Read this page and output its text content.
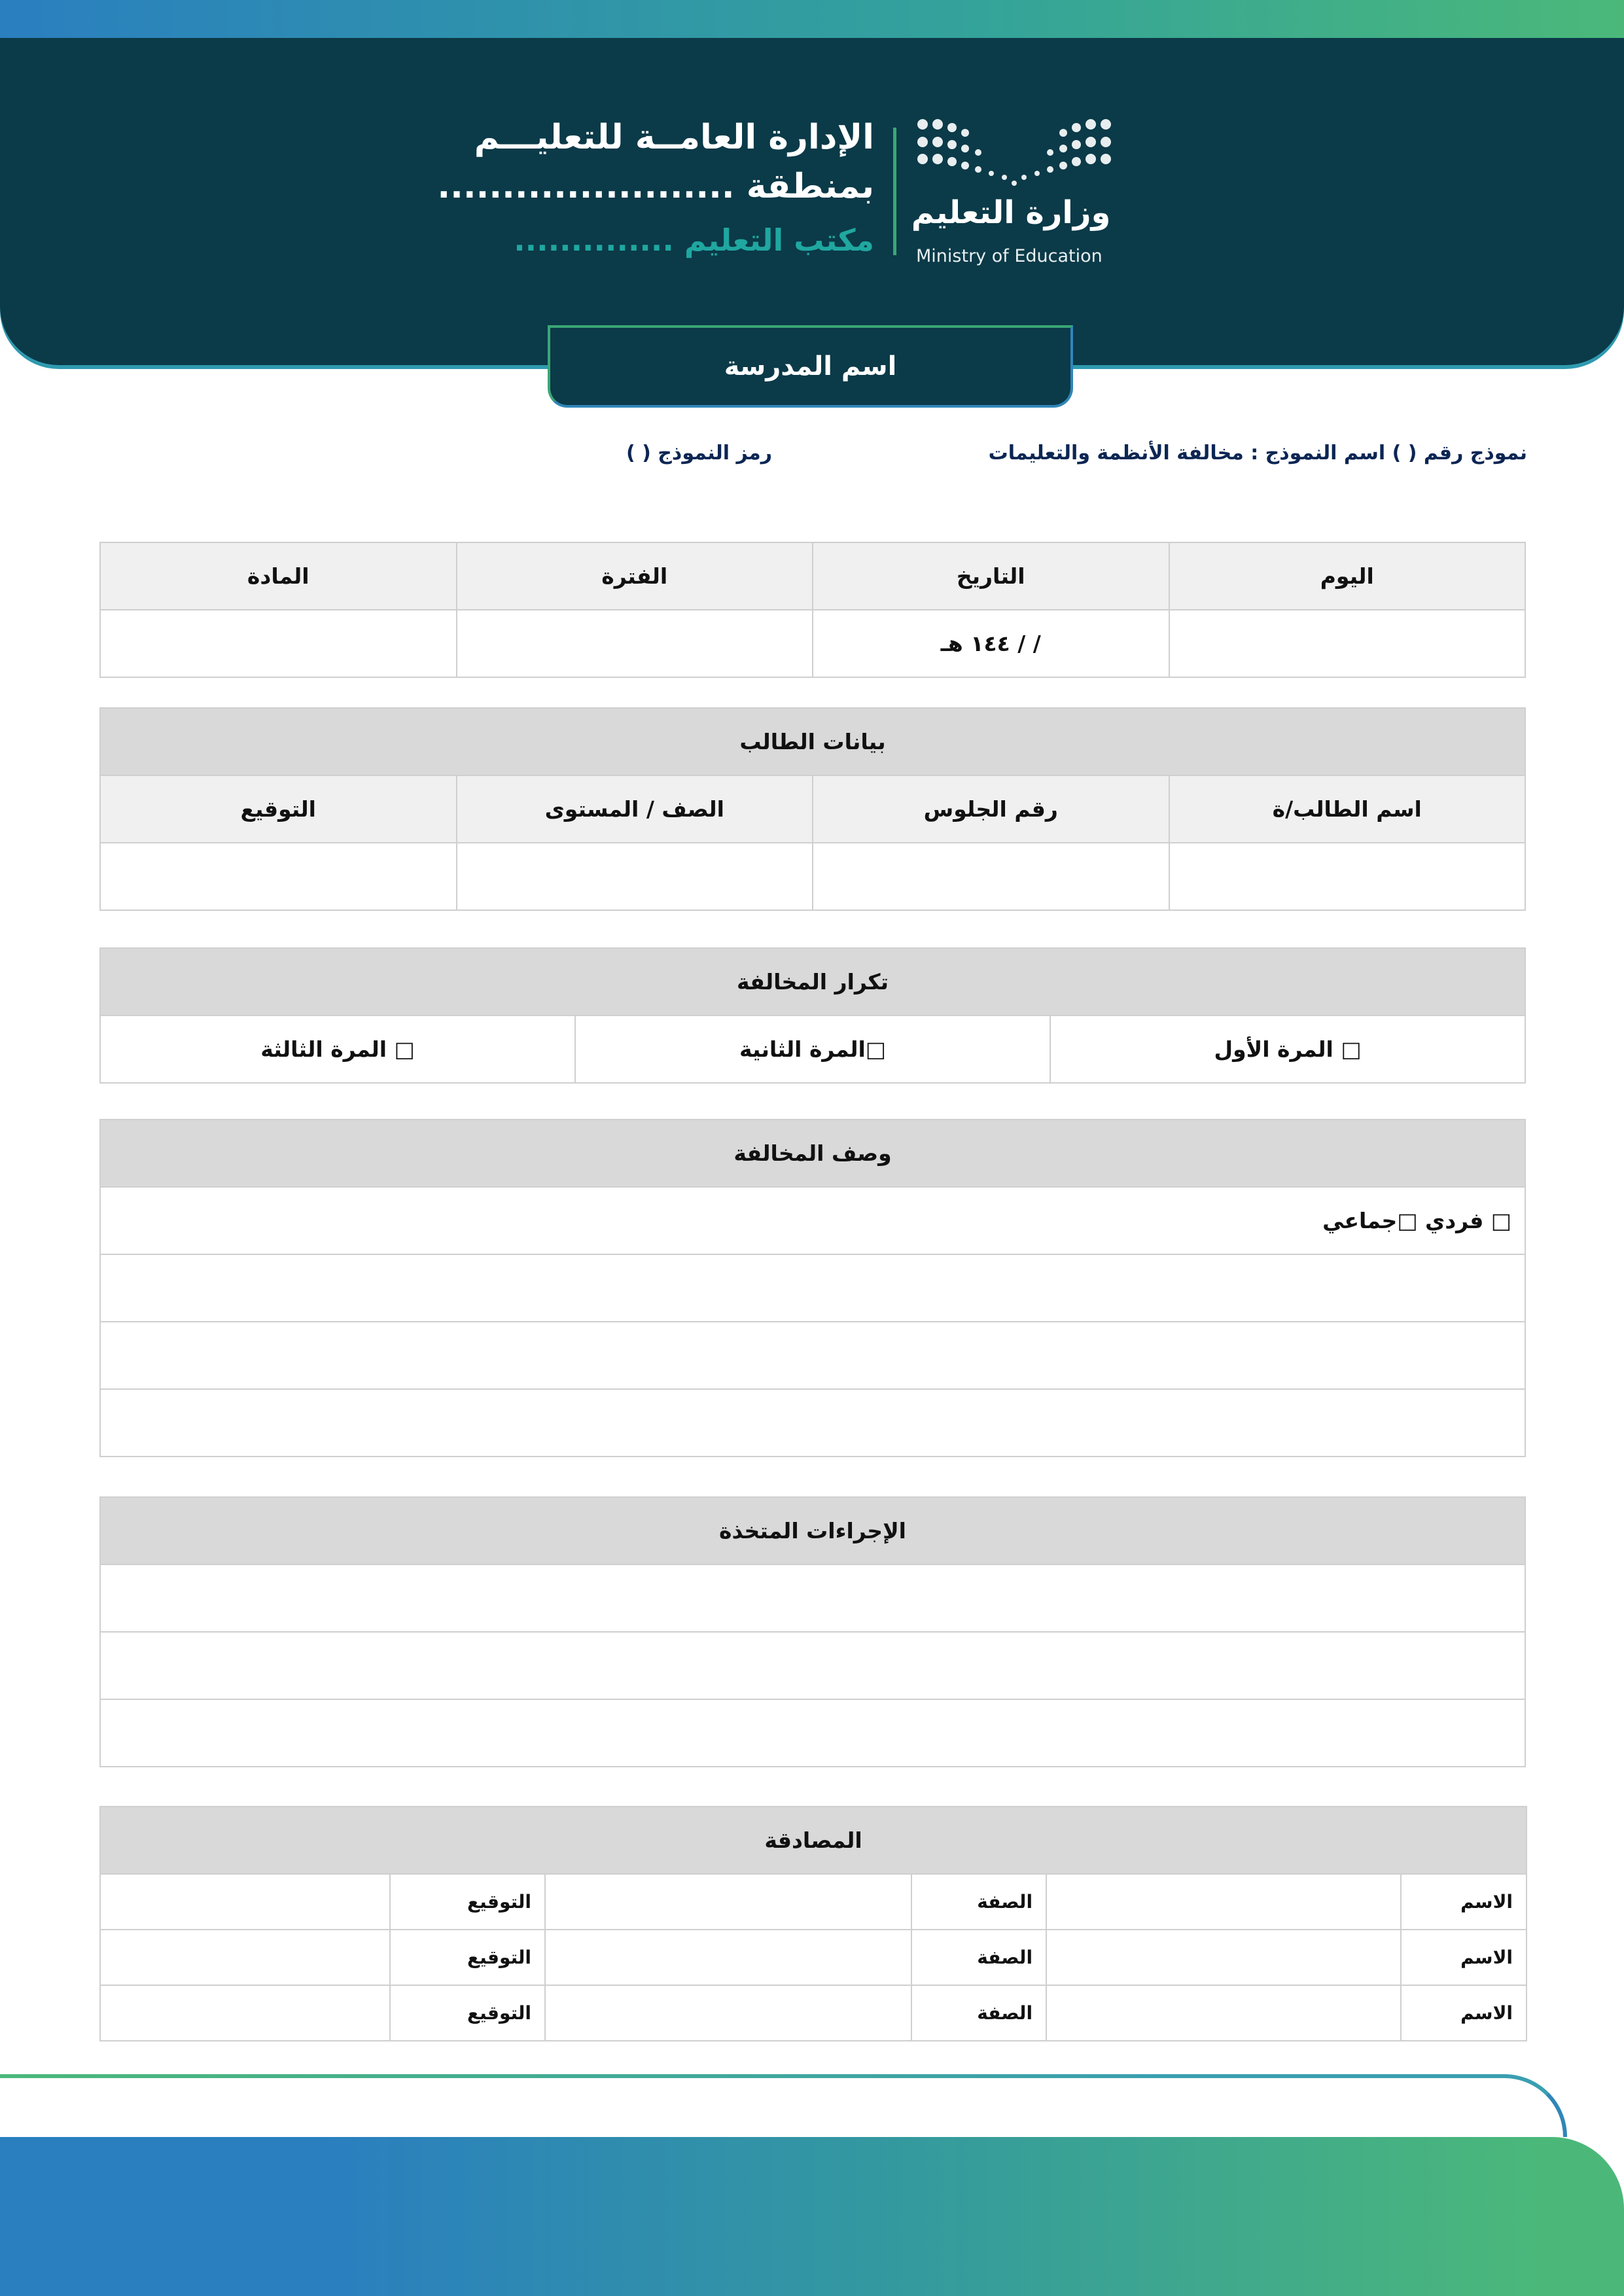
Ministry of Education
وزارة التعليم
الإدارة العامــة للتعليـــم
بمنطقة .......................
مكتب التعليم ..............
اسم المدرسة
نموذج رقم ( ) اسم النموذج : مخالفة الأنظمة والتعليمات
رمز النموذج ( )
اليوم	التاريخ	الفترة	المادة
	/ / ١٤٤ هـ		
بيانات الطالب			
اسم الطالب/ة	رقم الجلوس	الصف / المستوى	التوقيع

تكرار المخالفة
□ المرة الأول	□المرة الثانية	□ المرة الثالثة
وصف المخالفة
□ فردي □جماعي

الإجراءات المتخذة

المصادقة					
الاسم		الصفة		التوقيع	
الاسم		الصفة		التوقيع	
الاسم		الصفة		التوقيع	
